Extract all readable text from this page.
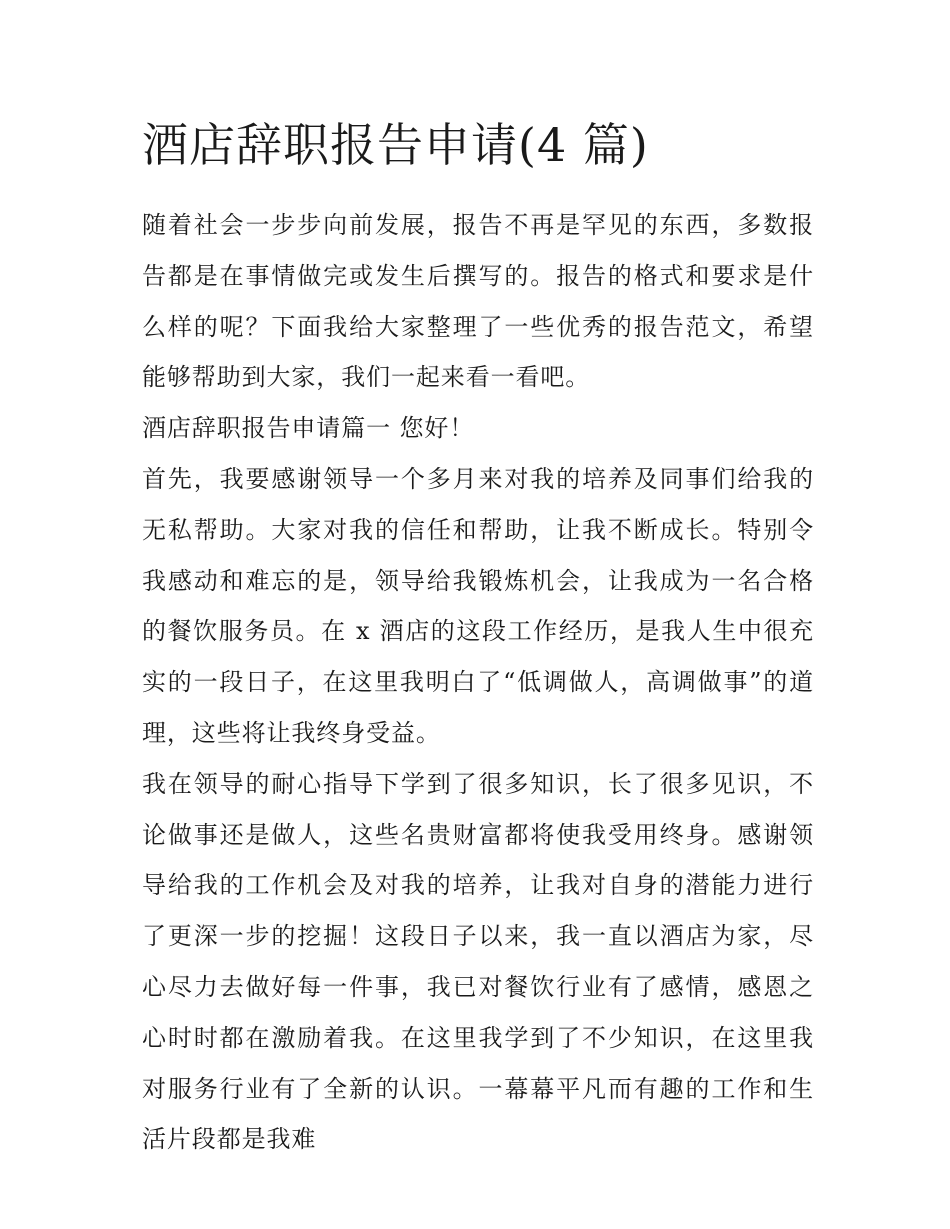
酒店辞职报告申请(4 篇)

随着社会一步步向前发展，报告不再是罕见的东西，多数报告都是在事情做完或发生后撰写的。报告的格式和要求是什么样的呢？下面我给大家整理了一些优秀的报告范文，希望能够帮助到大家，我们一起来看一看吧。

酒店辞职报告申请篇一 您好！

首先，我要感谢领导一个多月来对我的培养及同事们给我的无私帮助。大家对我的信任和帮助，让我不断成长。特别令我感动和难忘的是，领导给我锻炼机会，让我成为一名合格的餐饮服务员。在 x 酒店的这段工作经历，是我人生中很充实的一段日子，在这里我明白了“低调做人，高调做事”的道理，这些将让我终身受益。

我在领导的耐心指导下学到了很多知识，长了很多见识，不论做事还是做人，这些名贵财富都将使我受用终身。感谢领导给我的工作机会及对我的培养，让我对自身的潜能力进行了更深一步的挖掘！这段日子以来，我一直以酒店为家，尽心尽力去做好每一件事，我已对餐饮行业有了感情，感恩之心时时都在激励着我。在这里我学到了不少知识，在这里我对服务行业有了全新的认识。一幕幕平凡而有趣的工作和生活片段都是我难
